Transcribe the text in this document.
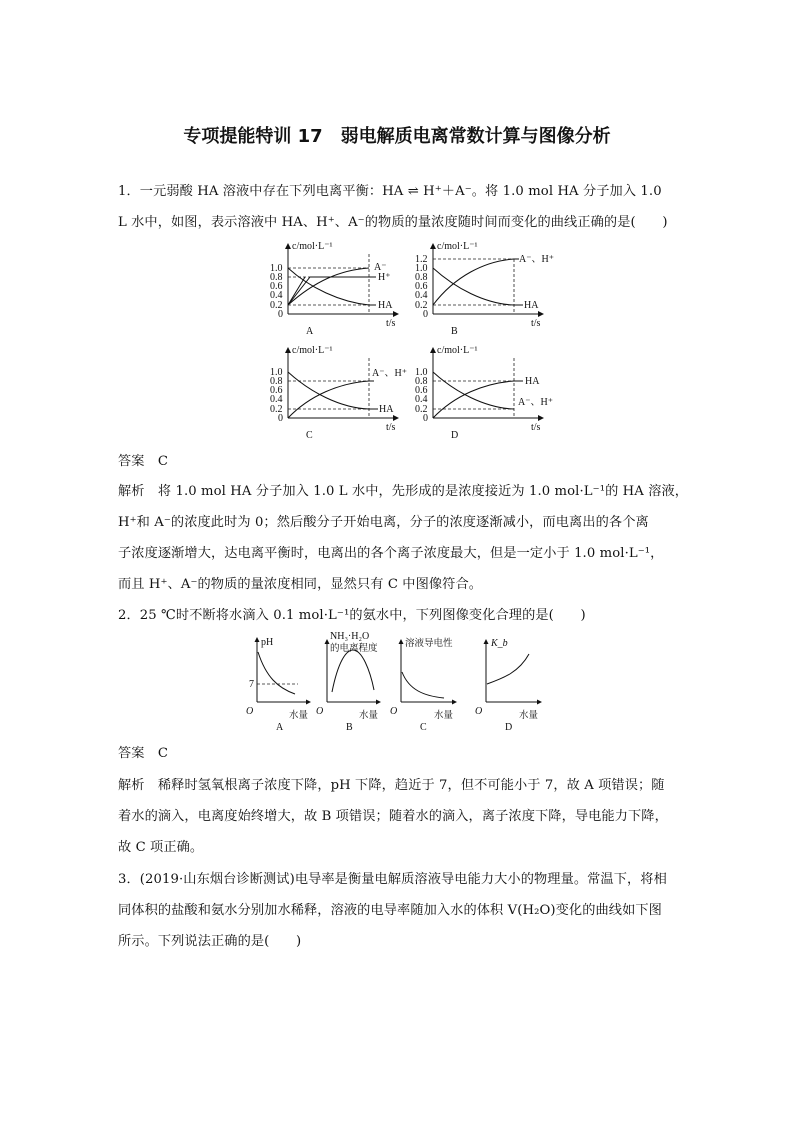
专项提能特训 17　弱电解质电离常数计算与图像分析
1．一元弱酸 HA 溶液中存在下列电离平衡：HA ⇌ H⁺＋A⁻。将 1.0 mol HA 分子加入 1.0
L 水中，如图，表示溶液中 HA、H⁺、A⁻的物质的量浓度随时间而变化的曲线正确的是(　　)
c/mol·L⁻¹
t/s
1.0
0.8
0.6
0.4
0.2
0
A⁻
H⁺
HA
A
c/mol·L⁻¹
t/s
1.2
1.0
0.8
0.6
0.4
0.2
0
A⁻、H⁺
HA
B
c/mol·L⁻¹
t/s
1.0
0.8
0.6
0.4
0.2
0
A⁻、H⁺
HA
C
c/mol·L⁻¹
t/s
1.0
0.8
0.6
0.4
0.2
0
HA
A⁻、H⁺
D
答案　 C
解析　 将 1.0 mol HA 分子加入 1.0 L 水中，先形成的是浓度接近为 1.0 mol·L⁻¹的 HA 溶液，
H⁺和 A⁻的浓度此时为 0；然后酸分子开始电离，分子的浓度逐渐减小，而电离出的各个离
子浓度逐渐增大，达电离平衡时，电离出的各个离子浓度最大，但是一定小于 1.0 mol·L⁻¹，
而且 H⁺、A⁻的物质的量浓度相同，显然只有 C 中图像符合。
2．25 ℃时不断将水滴入 0.1 mol·L⁻¹的氨水中，下列图像变化合理的是(　　)
pH
7
O	水量
A
NH₃·H₂O
的电离程度
O	水量
B
溶液导电性
O	水量
C
K_b
O	水量
D
答案　 C
解析　 稀释时氢氧根离子浓度下降，pH 下降，趋近于 7，但不可能小于 7，故 A 项错误；随
着水的滴入，电离度始终增大，故 B 项错误；随着水的滴入，离子浓度下降，导电能力下降，
故 C 项正确。
3．(2019·山东烟台诊断测试)电导率是衡量电解质溶液导电能力大小的物理量。常温下，将相
同体积的盐酸和氨水分别加水稀释，溶液的电导率随加入水的体积 V(H₂O)变化的曲线如下图
所示。下列说法正确的是(　　)
